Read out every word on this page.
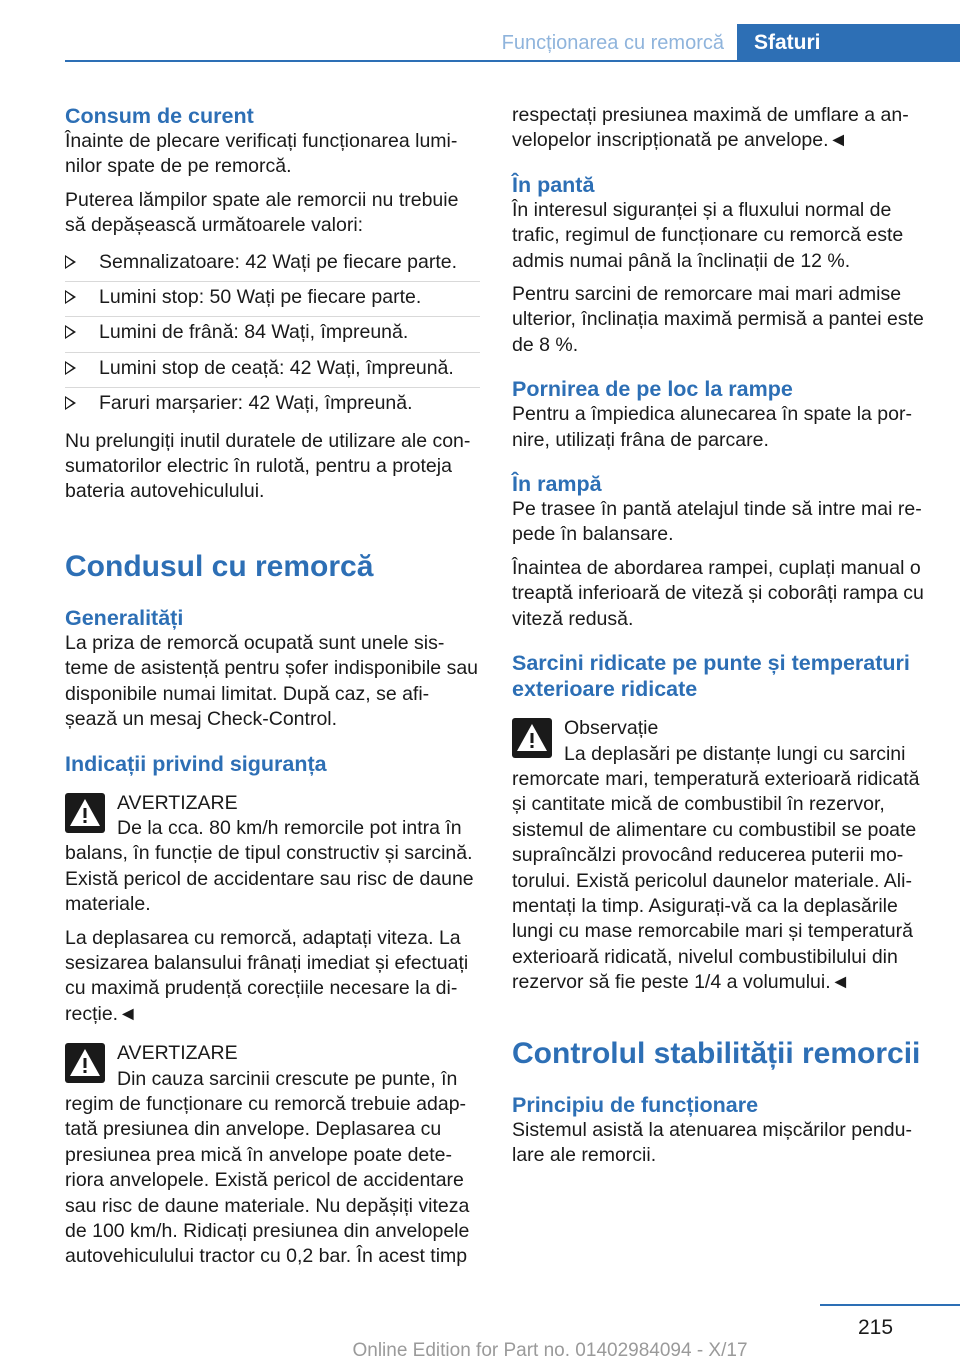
Funcționarea cu remorcă	Sfaturi
Consum de curent

Înainte de plecare verificați funcționarea lumi-nilor spate de pe remorcă.

Puterea lămpilor spate ale remorcii nu trebuie să depășească următoarele valori:

Semnalizatoare: 42 Wați pe fiecare parte.
Lumini stop: 50 Wați pe fiecare parte.
Lumini de frână: 84 Wați, împreună.
Lumini stop de ceață: 42 Wați, împreună.
Faruri marșarier: 42 Wați, împreună.

Nu prelungiți inutil duratele de utilizare ale con-sumatorilor electric în rulotă, pentru a proteja bateria autovehiculului.

Condusul cu remorcă
Generalități

La priza de remorcă ocupată sunt unele sis-teme de asistență pentru șofer indisponibile sau disponibile numai limitat. După caz, se afi-șează un mesaj Check-Control.

Indicații privind siguranța
AVERTIZARE
De la cca. 80 km/h remorcile pot intra în balans, în funcție de tipul constructiv și sarcină. Există pericol de accidentare sau risc de daune materiale.

La deplasarea cu remorcă, adaptați viteza. La sesizarea balansului frânați imediat și efectuați cu maximă prudență corecțiile necesare la di-recție.◄

AVERTIZARE
Din cauza sarcinii crescute pe punte, în regim de funcționare cu remorcă trebuie adap-tată presiunea din anvelope. Deplasarea cu presiunea prea mică în anvelope poate dete-riora anvelopele. Există pericol de accidentare sau risc de daune materiale. Nu depășiți viteza de 100 km/h. Ridicați presiunea din anvelopele autovehiculului tractor cu 0,2 bar. În acest timp

respectați presiunea maximă de umflare a an-velopelor inscripționată pe anvelope.◄

În pantă

În interesul siguranței și a fluxului normal de trafic, regimul de funcționare cu remorcă este admis numai până la înclinații de 12 %.

Pentru sarcini de remorcare mai mari admise ulterior, înclinația maximă permisă a pantei este de 8 %.

Pornirea de pe loc la rampe

Pentru a împiedica alunecarea în spate la por-nire, utilizați frâna de parcare.

În rampă

Pe trasee în pantă atelajul tinde să intre mai re-pede în balansare.

Înaintea de abordarea rampei, cuplați manual o treaptă inferioară de viteză și coborâți rampa cu viteză redusă.

Sarcini ridicate pe punte și temperaturi exterioare ridicate
Observație
La deplasări pe distanțe lungi cu sarcini remorcate mari, temperatură exterioară ridicată și cantitate mică de combustibil în rezervor, sistemul de alimentare cu combustibil se poate supraîncălzi provocând reducerea puterii mo-torului. Există pericolul daunelor materiale. Ali-mentați la timp. Asigurați-vă ca la deplasările lungi cu mase remorcabile mari și temperatură exterioară ridicată, nivelul combustibilului din rezervor să fie peste 1/4 a volumului.◄
Controlul stabilității remorcii
Principiu de funcționare

Sistemul asistă la atenuarea mișcărilor pendu-lare ale remorcii.

215
Online Edition for Part no. 01402984094 - X/17
